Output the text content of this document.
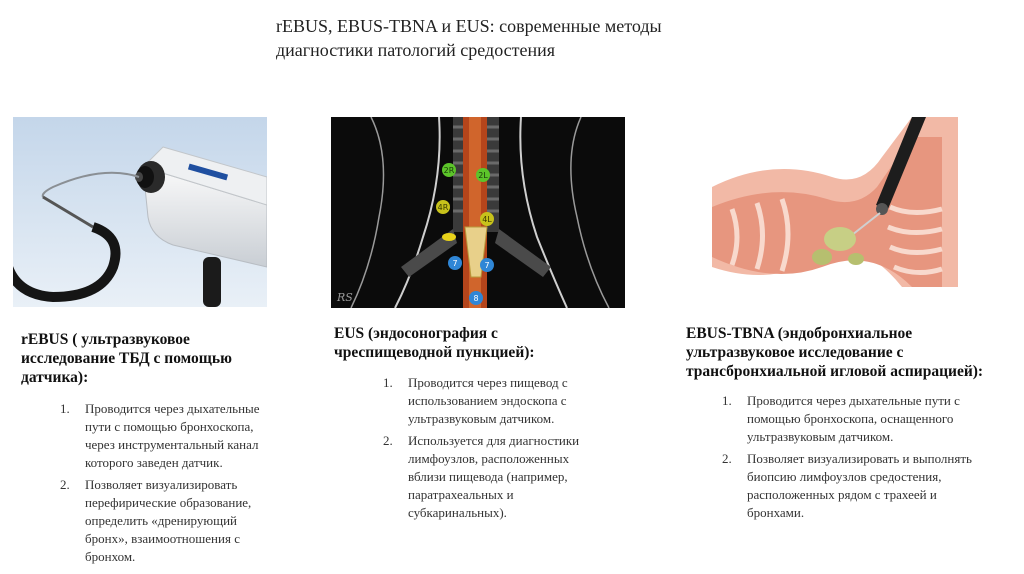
rEBUS, EBUS-TBNA и EUS: современные методы
диагностики патологий средостения
2R
2L
4R
4L
7	7
8
RS
rEBUS ( ультразвуковое
исследование ТБД с помощью
датчика):
1. Проводится через дыхательные
пути с помощью бронхоскопа,
через инструментальный канал
которого заведен датчик.
2. Позволяет визуализировать
перефирические образование,
определить «дренирующий
бронх», взаимоотношения с
бронхом.
EUS (эндосонография с
чреспищеводной пункцией):
1. Проводится через пищевод с
использованием эндоскопа с
ультразвуковым датчиком.
2. Используется для диагностики
лимфоузлов, расположенных
вблизи пищевода (например,
паратрахеальных и
субкаринальных).
EBUS-TBNA (эндобронхиальное
ультразвуковое исследование с
трансбронхиальной игловой аспирацией):
1. Проводится через дыхательные пути с
помощью бронхоскопа, оснащенного
ультразвуковым датчиком.
2. Позволяет визуализировать и выполнять
биопсию лимфоузлов средостения,
расположенных рядом с трахеей и
бронхами.
